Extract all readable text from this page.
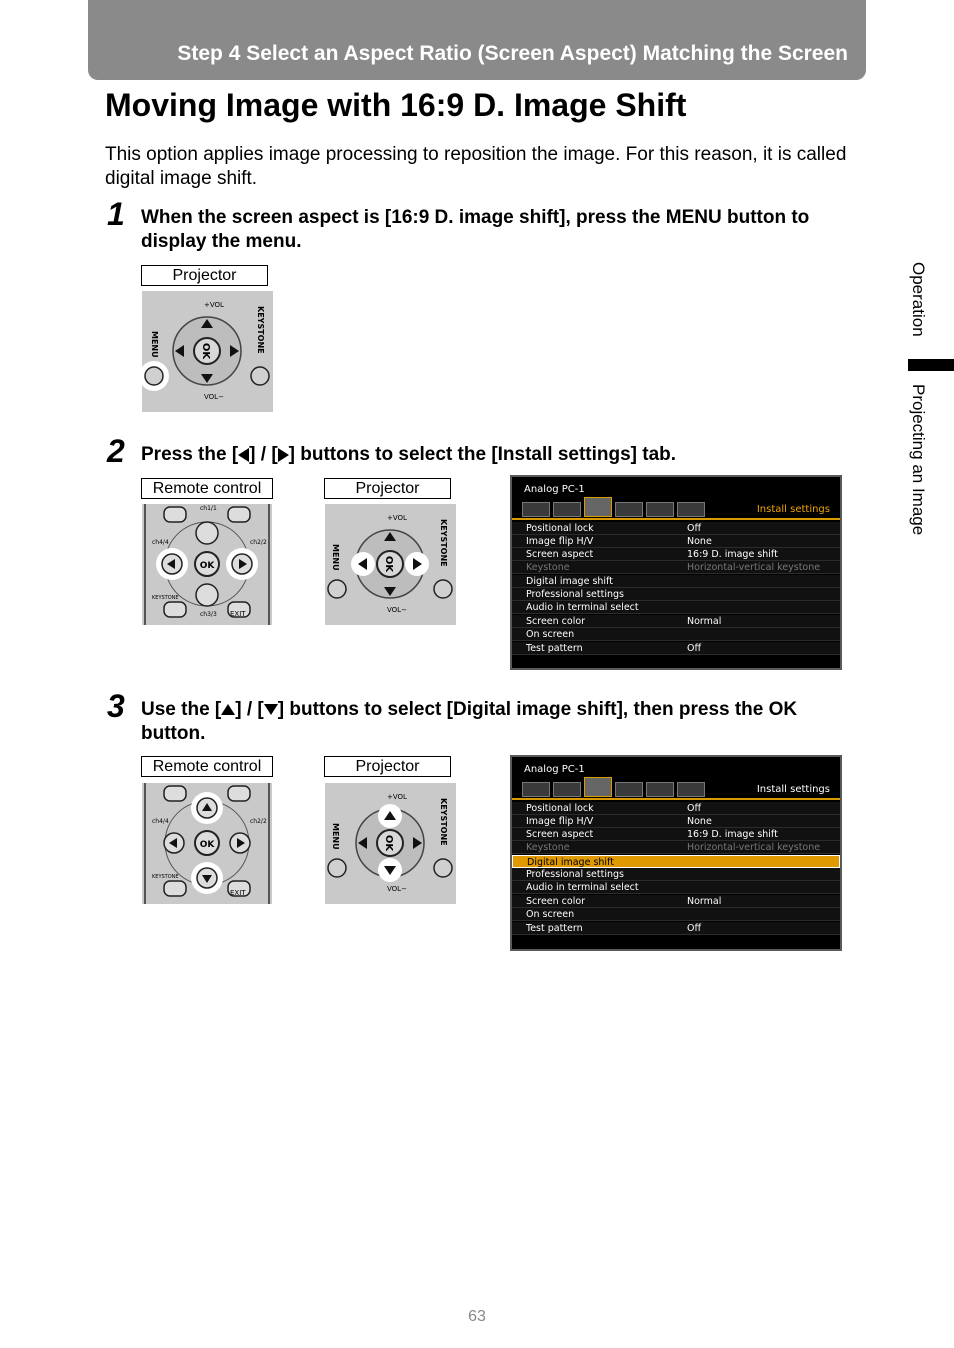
Step 4 Select an Aspect Ratio (Screen Aspect) Matching the Screen
Moving Image with 16:9 D. Image Shift
This option applies image processing to reposition the image. For this reason, it is called digital image shift.
1 When the screen aspect is [16:9 D. image shift], press the MENU button to display the menu.
Projector
OK
MENU	KEYSTONE
+VOL
VOL−
2 Press the [ ] / [ ] buttons to select the [Install settings] tab.
Remote control	Projector
EXIT
OK
ch4/4	ch2/2
ch3/3
ch1/1
KEYSTONE
OK
MENU	KEYSTONE
+VOL
VOL−
Analog PC-1
Install settings
Positional lock	Off
Image flip H/V	None
Screen aspect	16:9 D. image shift
Keystone	Horizontal-vertical keystone
Digital image shift
Professional settings
Audio in terminal select
Screen color	Normal
On screen
Test pattern	Off
3 Use the [ ] / [ ] buttons to select [Digital image shift], then press the OK button.
Remote control	Projector
EXIT
OK
ch4/4	ch2/2
KEYSTONE
OK
MENU	KEYSTONE
+VOL
VOL−
Analog PC-1
Install settings
Positional lock	Off
Image flip H/V	None
Screen aspect	16:9 D. image shift
Keystone	Horizontal-vertical keystone
Digital image shift
Professional settings
Audio in terminal select
Screen color	Normal
On screen
Test pattern	Off
Operation
Projecting an Image
63
